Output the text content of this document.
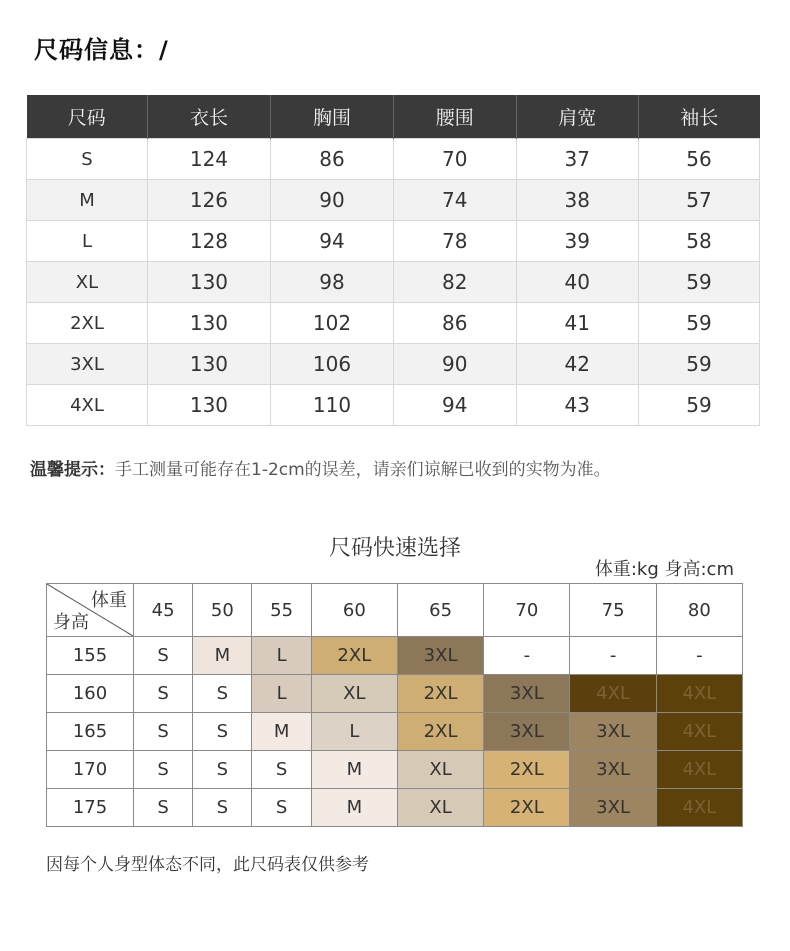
尺码信息：/
尺码	衣长	胸围	腰围	肩宽	袖长
S	124	86	70	37	56
M	126	90	74	38	57
L	128	94	78	39	58
XL	130	98	82	40	59
2XL	130	102	86	41	59
3XL	130	106	90	42	59
4XL	130	110	94	43	59
温馨提示：手工测量可能存在1-2cm的误差，请亲们谅解已收到的实物为准。
尺码快速选择
体重:kg 身高:cm
体重
身高	45	50	55	60	65	70	75	80
155	S	M	L	2XL	3XL	-	-	-
160	S	S	L	XL	2XL	3XL	4XL	4XL
165	S	S	M	L	2XL	3XL	3XL	4XL
170	S	S	S	M	XL	2XL	3XL	4XL
175	S	S	S	M	XL	2XL	3XL	4XL
因每个人身型体态不同，此尺码表仅供参考
